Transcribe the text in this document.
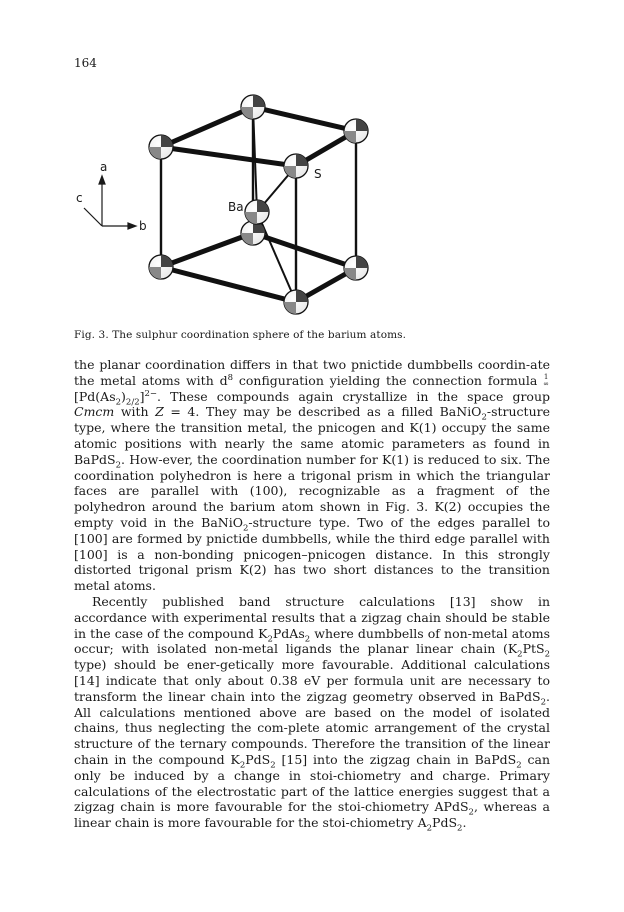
164
a
b
c
S
Ba
Fig. 3. The sulphur coordination sphere of the barium atoms.

the planar coordination differs in that two pnictide dumbbells coordin-ate the metal atoms with $d^8$ configuration yielding the connection formula 1
∞
$[Pd(As_2)_{2/2}]^{2-}$. These compounds again crystallize in the space group Cmcm with Z = 4. They may be described as a filled BaNiO$_2$-structure type, where the transition metal, the pnicogen and K(1) occupy the same atomic positions with nearly the same atomic parameters as found in BaPdS$_2$. How-ever, the coordination number for K(1) is reduced to six. The coordination polyhedron is here a trigonal prism in which the triangular faces are parallel with (100), recognizable as a fragment of the polyhedron around the barium atom shown in Fig. 3. K(2) occupies the empty void in the BaNiO$_2$-structure type. Two of the edges parallel to [100] are formed by pnictide dumbbells, while the third edge parallel with [100] is a non-bonding pnicogen–pnicogen distance. In this strongly distorted trigonal prism K(2) has two short distances to the transition metal atoms.

Recently published band structure calculations [13] show in accordance with experimental results that a zigzag chain should be stable in the case of the compound $K_2PdAs_2$ where dumbbells of non-metal atoms occur; with isolated non-metal ligands the planar linear chain ($K_2PtS_2$ type) should be ener-getically more favourable. Additional calculations [14] indicate that only about 0.38 eV per formula unit are necessary to transform the linear chain into the zigzag geometry observed in BaPdS$_2$. All calculations mentioned above are based on the model of isolated chains, thus neglecting the com-plete atomic arrangement of the crystal structure of the ternary compounds. Therefore the transition of the linear chain in the compound $K_2PdS_2$ [15] into the zigzag chain in BaPdS$_2$ can only be induced by a change in stoi-chiometry and charge. Primary calculations of the electrostatic part of the lattice energies suggest that a zigzag chain is more favourable for the stoi-chiometry APdS$_2$, whereas a linear chain is more favourable for the stoi-chiometry $A_2PdS_2$.
